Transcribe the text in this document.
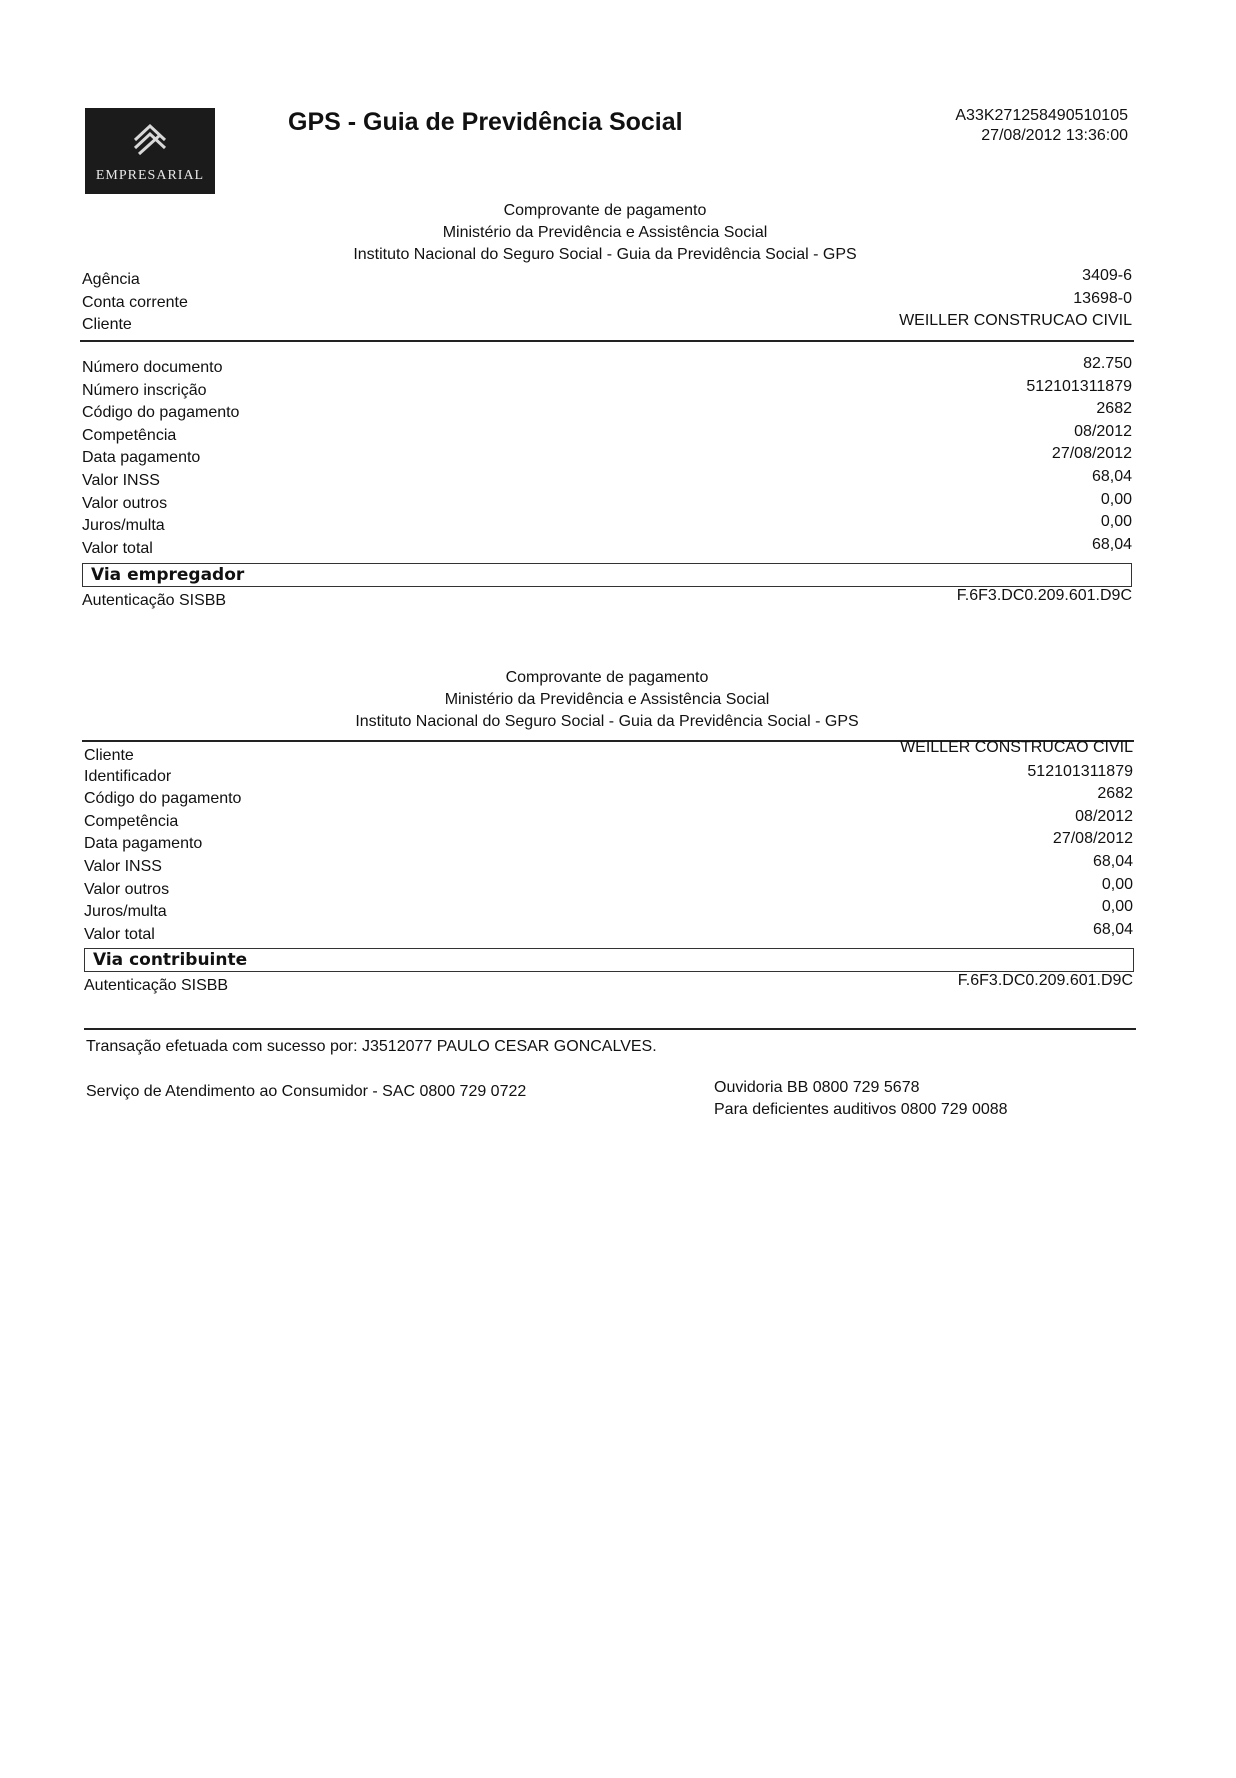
EMPRESARIAL
GPS - Guia de Previdência Social	A33K271258490510105
27/08/2012 13:36:00
Comprovante de pagamento
Ministério da Previdência e Assistência Social
Instituto Nacional do Seguro Social - Guia da Previdência Social - GPS
Agência	3409-6
Conta corrente	13698-0
Cliente	WEILLER CONSTRUCAO CIVIL
Número documento	82.750
Número inscrição	512101311879
Código do pagamento	2682
Competência	08/2012
Data pagamento	27/08/2012
Valor INSS	68,04
Valor outros	0,00
Juros/multa	0,00
Valor total	68,04
Via empregador
Autenticação SISBB	F.6F3.DC0.209.601.D9C
Comprovante de pagamento
Ministério da Previdência e Assistência Social
Instituto Nacional do Seguro Social - Guia da Previdência Social - GPS
Cliente	WEILLER CONSTRUCAO CIVIL
Identificador	512101311879
Código do pagamento	2682
Competência	08/2012
Data pagamento	27/08/2012
Valor INSS	68,04
Valor outros	0,00
Juros/multa	0,00
Valor total	68,04
Via contribuinte
Autenticação SISBB	F.6F3.DC0.209.601.D9C
Transação efetuada com sucesso por: J3512077 PAULO CESAR GONCALVES.
Serviço de Atendimento ao Consumidor - SAC 0800 729 0722	Ouvidoria BB 0800 729 5678
Para deficientes auditivos 0800 729 0088
